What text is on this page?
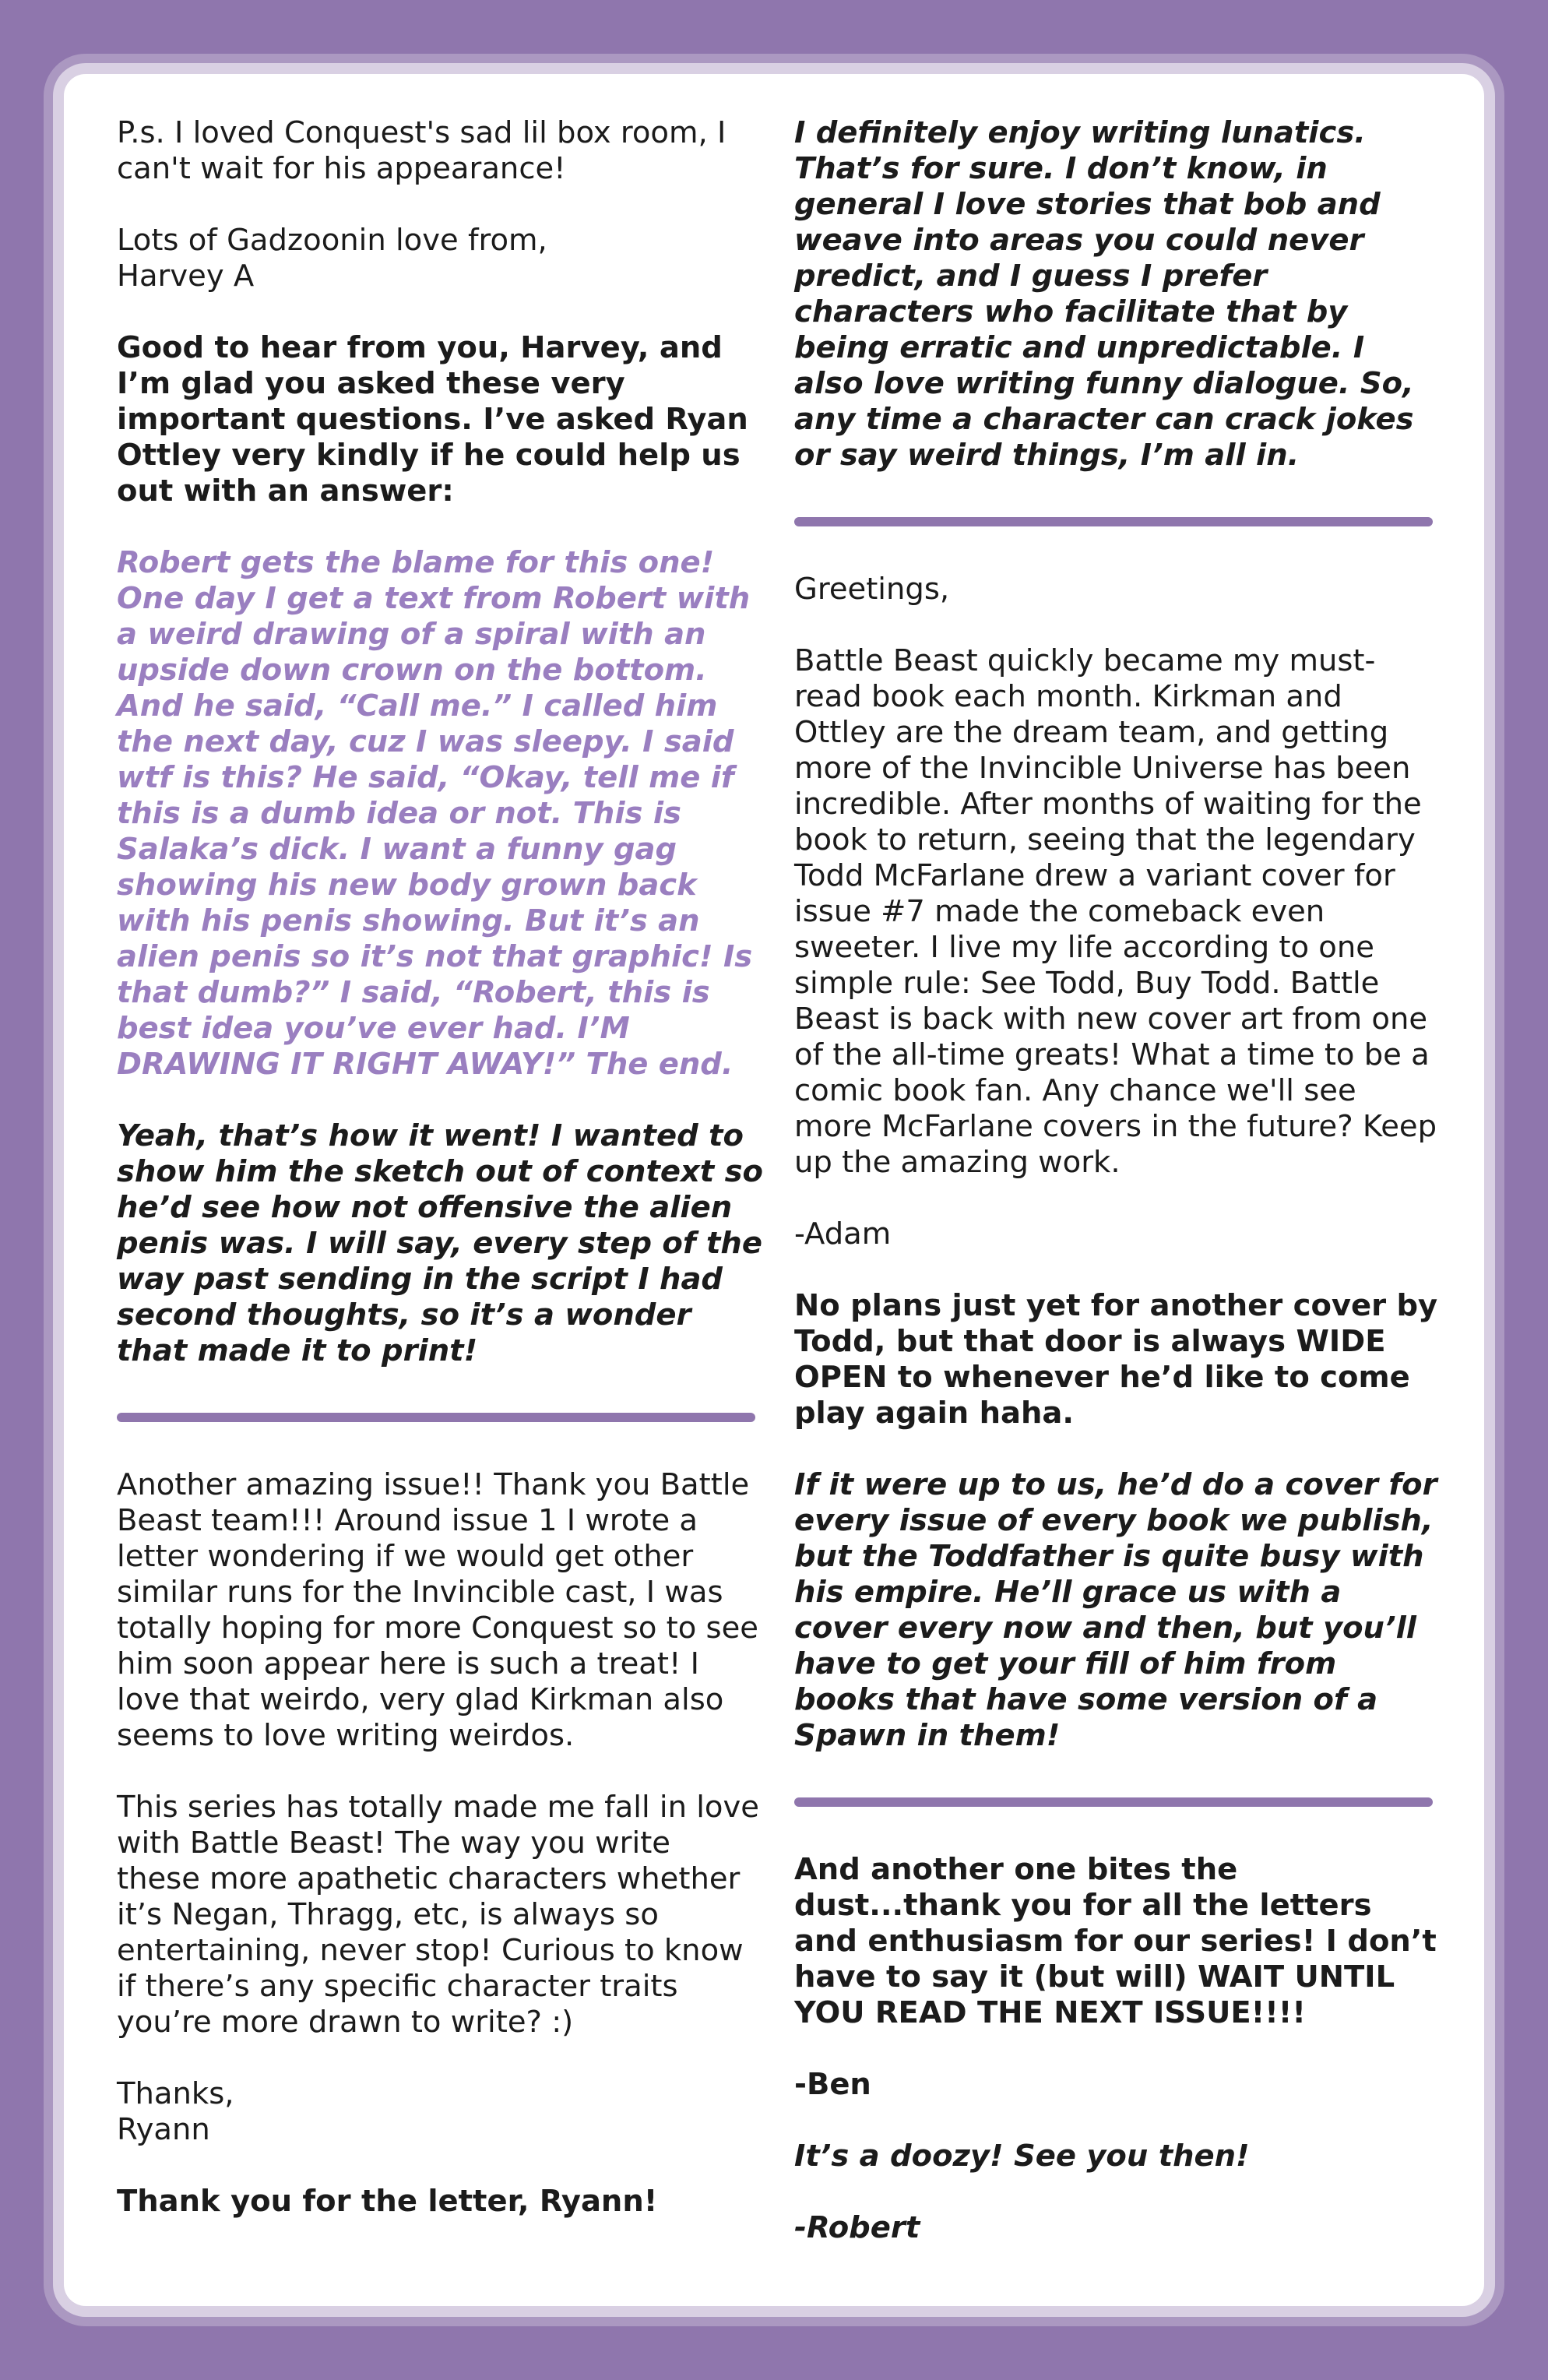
P.s. I loved Conquest's sad lil box room, I can't wait for his appearance!

Lots of Gadzoonin love from,

Harvey A

Good to hear from you, Harvey, and I’m glad you asked these very important questions. I’ve asked Ryan Ottley very kindly if he could help us out with an answer:

Robert gets the blame for this one! One day I get a text from Robert with a weird drawing of a spiral with an upside down crown on the bottom. And he said, “Call me.” I called him the next day, cuz I was sleepy. I said wtf is this? He said, “Okay, tell me if this is a dumb idea or not. This is Salaka’s dick. I want a funny gag showing his new body grown back with his penis showing. But it’s an alien penis so it’s not that graphic! Is that dumb?” I said, “Robert, this is best idea you’ve ever had. I’M DRAWING IT RIGHT AWAY!” The end.

Yeah, that’s how it went! I wanted to show him the sketch out of context so he’d see how not offensive the alien penis was. I will say, every step of the way past sending in the script I had second thoughts, so it’s a wonder that made it to print!

Another amazing issue!! Thank you Battle Beast team!!! Around issue 1 I wrote a letter wondering if we would get other similar runs for the Invincible cast, I was totally hoping for more Conquest so to see him soon appear here is such a treat! I love that weirdo, very glad Kirkman also seems to love writing weirdos.

This series has totally made me fall in love with Battle Beast! The way you write these more apathetic characters whether it’s Negan, Thragg, etc, is always so entertaining, never stop! Curious to know if there’s any specific character traits you’re more drawn to write? :)

Thanks,

Ryann

Thank you for the letter, Ryann!

I definitely enjoy writing lunatics. That’s for sure. I don’t know, in general I love stories that bob and weave into areas you could never predict, and I guess I prefer characters who facilitate that by being erratic and unpredictable. I also love writing funny dialogue. So, any time a character can crack jokes or say weird things, I’m all in.

Greetings,

Battle Beast quickly became my must-read book each month. Kirkman and Ottley are the dream team, and getting more of the Invincible Universe has been incredible. After months of waiting for the book to return, seeing that the legendary Todd McFarlane drew a variant cover for issue #7 made the comeback even sweeter. I live my life according to one simple rule: See Todd, Buy Todd. Battle Beast is back with new cover art from one of the all-time greats! What a time to be a comic book fan. Any chance we'll see more McFarlane covers in the future? Keep up the amazing work.

-Adam

No plans just yet for another cover by Todd, but that door is always WIDE OPEN to whenever he’d like to come play again haha.

If it were up to us, he’d do a cover for every issue of every book we publish, but the Toddfather is quite busy with his empire. He’ll grace us with a cover every now and then, but you’ll have to get your fill of him from books that have some version of a Spawn in them!

And another one bites the dust...thank you for all the letters and enthusiasm for our series! I don’t have to say it (but will) WAIT UNTIL YOU READ THE NEXT ISSUE!!!!

-Ben

It’s a doozy! See you then!

-Robert
